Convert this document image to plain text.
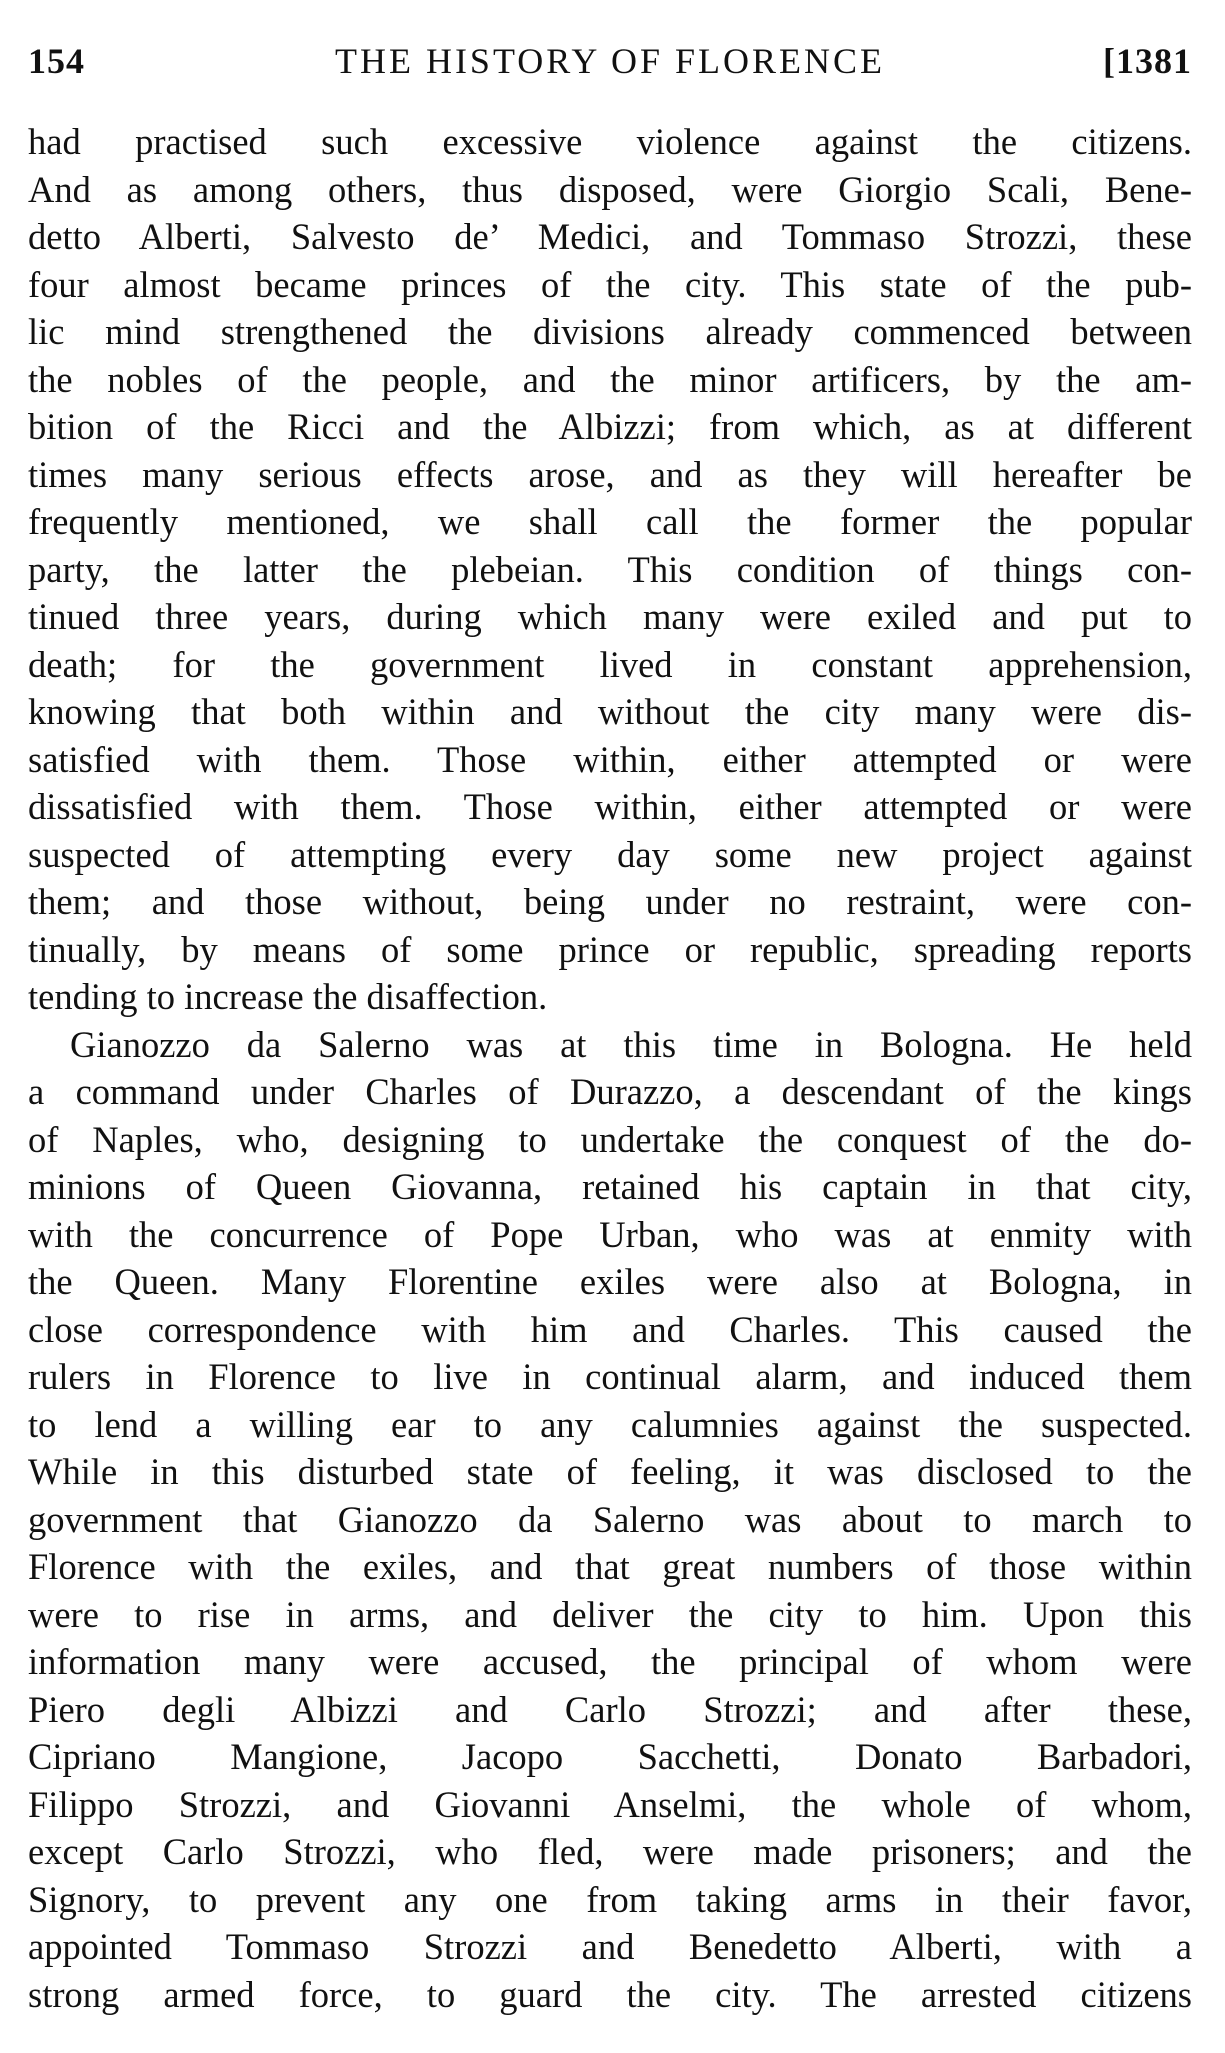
154	THE HISTORY OF FLORENCE	[1381
had practised such excessive violence against the citizens.
And as among others, thus disposed, were Giorgio Scali, Bene-
detto Alberti, Salvesto de’ Medici, and Tommaso Strozzi, these
four almost became princes of the city. This state of the pub-
lic mind strengthened the divisions already commenced between
the nobles of the people, and the minor artificers, by the am-
bition of the Ricci and the Albizzi; from which, as at different
times many serious effects arose, and as they will hereafter be
frequently mentioned, we shall call the former the popular
party, the latter the plebeian. This condition of things con-
tinued three years, during which many were exiled and put to
death; for the government lived in constant apprehension,
knowing that both within and without the city many were dis-
satisfied with them. Those within, either attempted or were
dissatisfied with them. Those within, either attempted or were
suspected of attempting every day some new project against
them; and those without, being under no restraint, were con-
tinually, by means of some prince or republic, spreading reports
tending to increase the disaffection.
Gianozzo da Salerno was at this time in Bologna. He held
a command under Charles of Durazzo, a descendant of the kings
of Naples, who, designing to undertake the conquest of the do-
minions of Queen Giovanna, retained his captain in that city,
with the concurrence of Pope Urban, who was at enmity with
the Queen. Many Florentine exiles were also at Bologna, in
close correspondence with him and Charles. This caused the
rulers in Florence to live in continual alarm, and induced them
to lend a willing ear to any calumnies against the suspected.
While in this disturbed state of feeling, it was disclosed to the
government that Gianozzo da Salerno was about to march to
Florence with the exiles, and that great numbers of those within
were to rise in arms, and deliver the city to him. Upon this
information many were accused, the principal of whom were
Piero degli Albizzi and Carlo Strozzi; and after these,
Cipriano Mangione, Jacopo Sacchetti, Donato Barbadori,
Filippo Strozzi, and Giovanni Anselmi, the whole of whom,
except Carlo Strozzi, who fled, were made prisoners; and the
Signory, to prevent any one from taking arms in their favor,
appointed Tommaso Strozzi and Benedetto Alberti, with a
strong armed force, to guard the city. The arrested citizens
